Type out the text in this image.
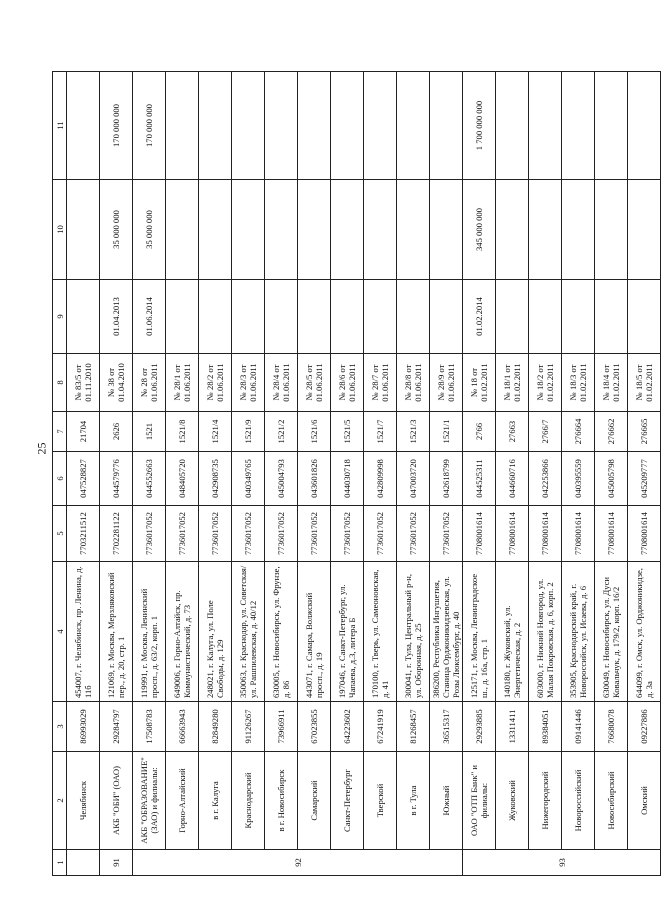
25
1	2	3	4	5	6	7	8	9	10	11
	Челябинск	86993029	454007, г. Челябинск, пр. Ленина, д. 11б	7703211512	047528827	21704	№ 83/5 от 01.11.2010			
91	АКБ "ОБИ" (ОАО)	29284797	121069, г. Москва, Мерзляковский пер., д. 20, стр. 1	7702281122	044579776	2626	№ 38 от 01.04.2010	01.04.2013	35 000 000	170 000 000
92	АКБ "ОБРАЗОВАНИЕ" (ЗАО) и филиалы:	17508783	119991, г. Москва, Ленинский просп., д. 63/2, корп. 1	7736017052	044552663	1521	№ 28 от 01.06.2011	01.06.2014	35 000 000	170 000 000
	Горно-Алтайский	66663943	649006, г. Горно-Алтайск, пр. Коммунистический, д. 73	7736017052	048405720	1521/8	№ 28/1 от 01.06.2011			
	в г. Калуга	82849280	248021, г. Калуга, ул. Поле Свободы, д. 129	7736017052	042908735	1521/4	№ 28/2 от 01.06.2011			
	Краснодарский	91126267	350063, г. Краснодар, ул. Советская/ул. Рашпилевская, д. 40/12	7736017052	040349765	1521/9	№ 28/3 от 01.06.2011			
	в г. Новосибирск	73966911	630005, г. Новосибирск, ул. Фрунзе, д. 86	7736017052	045004793	1521/2	№ 28/4 от 01.06.2011			
	Самарский	67023855	443071, г. Самара, Волжский просп., д. 19	7736017052	043601826	1521/6	№ 28/5 от 01.06.2011			
	Санкт-Петербург	64223602	197046, г. Санкт-Петербург, ул. Чапаева, д.3, литера Б	7736017052	044030718	1521/5	№ 28/6 от 01.06.2011			
	Тверской	67241919	170100, г. Тверь, ул. Самеоновская, д. 41	7736017052	042809998	1521/7	№ 28/7 от 01.06.2011			
	в г. Тула	81268457	300041, г. Тула, Центральный р-н, ул. Оборонная, д. 25	7736017052	047003720	1521/3	№ 28/8 от 01.06.2011			
	Южный	36515317	386200, Республика Ингушетия, Станица Орджоникидзевская, ул. Розы Люксембург, д. 40	7736017052	042618799	1521/1	№ 28/9 от 01.06.2011			
93	ОАО "ОТП Банк" и филиалы:	29293885	125171, г. Москва, Ленинградское ш., д. 16а, стр. 1	7708001614	044525311	2766	№ 18 от 01.02.2011	01.02.2014	345 000 000	1 700 000 000
	Жуковский	13311411	140180, г. Жуковский, ул. Энергетическая, д. 2	7708001614	044660716	2766З	№ 18/1 от 01.02.2011			
	Нижегородский	89384051	603000, г. Нижний Новгород, ул. Малая Покровская, д. 6, корп. 2	7708001614	042253866	2766/7	№ 18/2 от 01.02.2011			
	Новороссийский	09141446	353905, Краснодарский край, г. Новороссийск, ул. Исаева, д. 6	7708001614	040395559	276664	№ 18/3 от 01.02.2011			
	Новосибирский	76680078	630049, г. Новосибирск, ул. Дуси Ковальчук, д. 179/2, корп. 16/2	7708001614	045005798	276662	№ 18/4 от 01.02.2011			
	Омский	09227886	644099, г. Омск, ул. Орджоникидзе, д. 3а	7708001614	045209777	276665	№ 18/5 от 01.02.2011			
